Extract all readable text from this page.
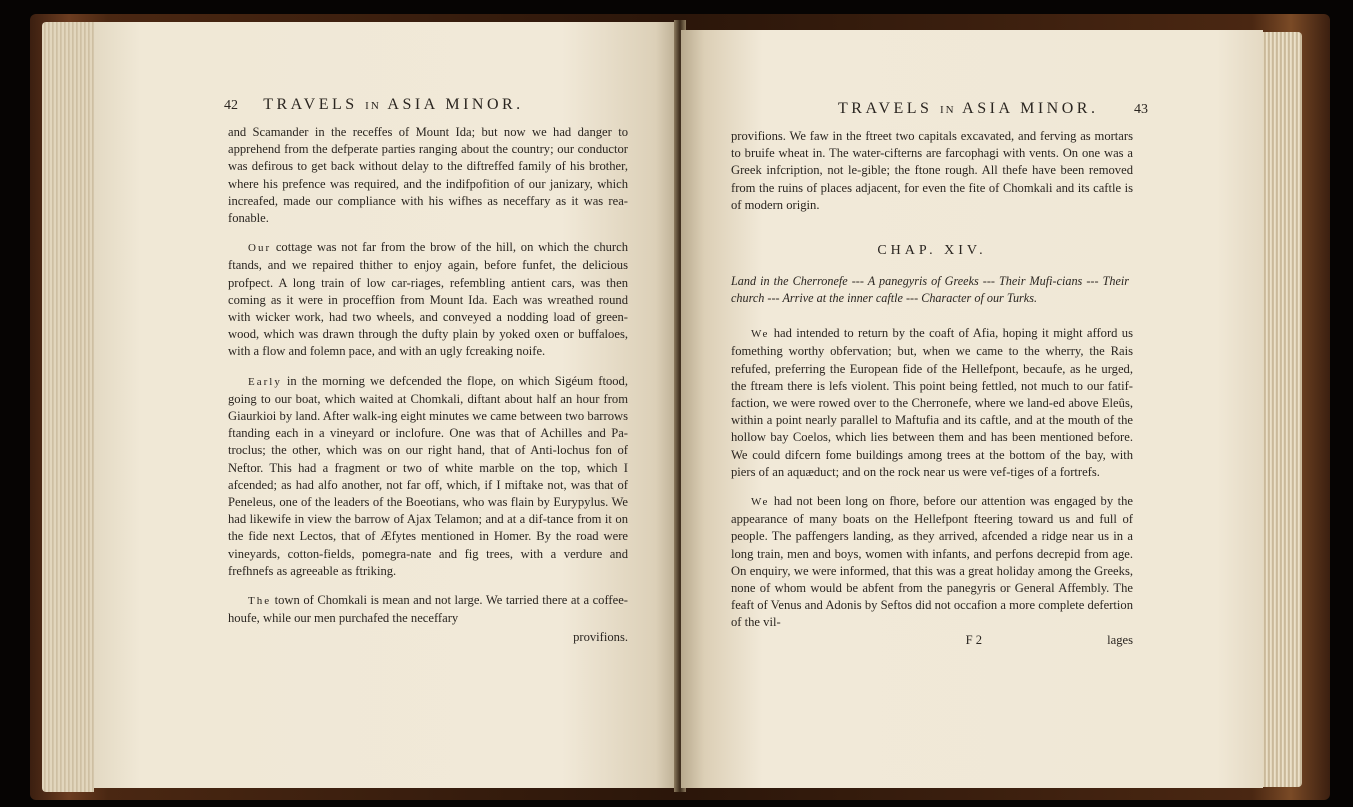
42 TRAVELS IN ASIA MINOR.

and Scamander in the receffes of Mount Ida; but now we had danger to apprehend from the defperate parties ranging about the country; our conductor was defirous to get back without delay to the diftreffed family of his brother, where his prefence was required, and the indifpofition of our janizary, which increafed, made our compliance with his wifhes as neceffary as it was rea-fonable.

Our cottage was not far from the brow of the hill, on which the church ftands, and we repaired thither to enjoy again, before funfet, the delicious profpect. A long train of low car-riages, refembling antient cars, was then coming as it were in proceffion from Mount Ida. Each was wreathed round with wicker work, had two wheels, and conveyed a nodding load of green-wood, which was drawn through the dufty plain by yoked oxen or buffaloes, with a flow and folemn pace, and with an ugly fcreaking noife.

Early in the morning we defcended the flope, on which Sigéum ftood, going to our boat, which waited at Chomkali, diftant about half an hour from Giaurkioi by land. After walk-ing eight minutes we came between two barrows ftanding each in a vineyard or inclofure. One was that of Achilles and Pa-troclus; the other, which was on our right hand, that of Anti-lochus fon of Neftor. This had a fragment or two of white marble on the top, which I afcended; as had alfo another, not far off, which, if I miftake not, was that of Peneleus, one of the leaders of the Boeotians, who was flain by Eurypylus. We had likewife in view the barrow of Ajax Telamon; and at a dif-tance from it on the fide next Lectos, that of Æfytes mentioned in Homer. By the road were vineyards, cotton-fields, pomegra-nate and fig trees, with a verdure and frefhnefs as agreeable as ftriking.

The town of Chomkali is mean and not large. We tarried there at a coffee-houfe, while our men purchafed the neceffary

provifions.
TRAVELS IN ASIA MINOR.	43

provifions. We faw in the ftreet two capitals excavated, and ferving as mortars to bruife wheat in. The water-cifterns are farcophagi with vents. On one was a Greek infcription, not le-gible; the ftone rough. All thefe have been removed from the ruins of places adjacent, for even the fite of Chomkali and its caftle is of modern origin.

CHAP. XIV.

Land in the Cherronefe --- A panegyris of Greeks --- Their Mufi-cians --- Their church --- Arrive at the inner caftle --- Character of our Turks.

We had intended to return by the coaft of Afia, hoping it might afford us fomething worthy obfervation; but, when we came to the wherry, the Rais refufed, preferring the European fide of the Hellefpont, becaufe, as he urged, the ftream there is lefs violent. This point being fettled, not much to our fatif-faction, we were rowed over to the Cherronefe, where we land-ed above Eleûs, within a point nearly parallel to Maftufia and its caftle, and at the mouth of the hollow bay Coelos, which lies between them and has been mentioned before. We could difcern fome buildings among trees at the bottom of the bay, with piers of an aquæduct; and on the rock near us were vef-tiges of a fortrefs.

We had not been long on fhore, before our attention was engaged by the appearance of many boats on the Hellefpont fteering toward us and full of people. The paffengers landing, as they arrived, afcended a ridge near us in a long train, men and boys, women with infants, and perfons decrepid from age. On enquiry, we were informed, that this was a great holiday among the Greeks, none of whom would be abfent from the panegyris or General Affembly. The feaft of Venus and Adonis by Seftos did not occafion a more complete defertion of the vil-

F 2	lages
